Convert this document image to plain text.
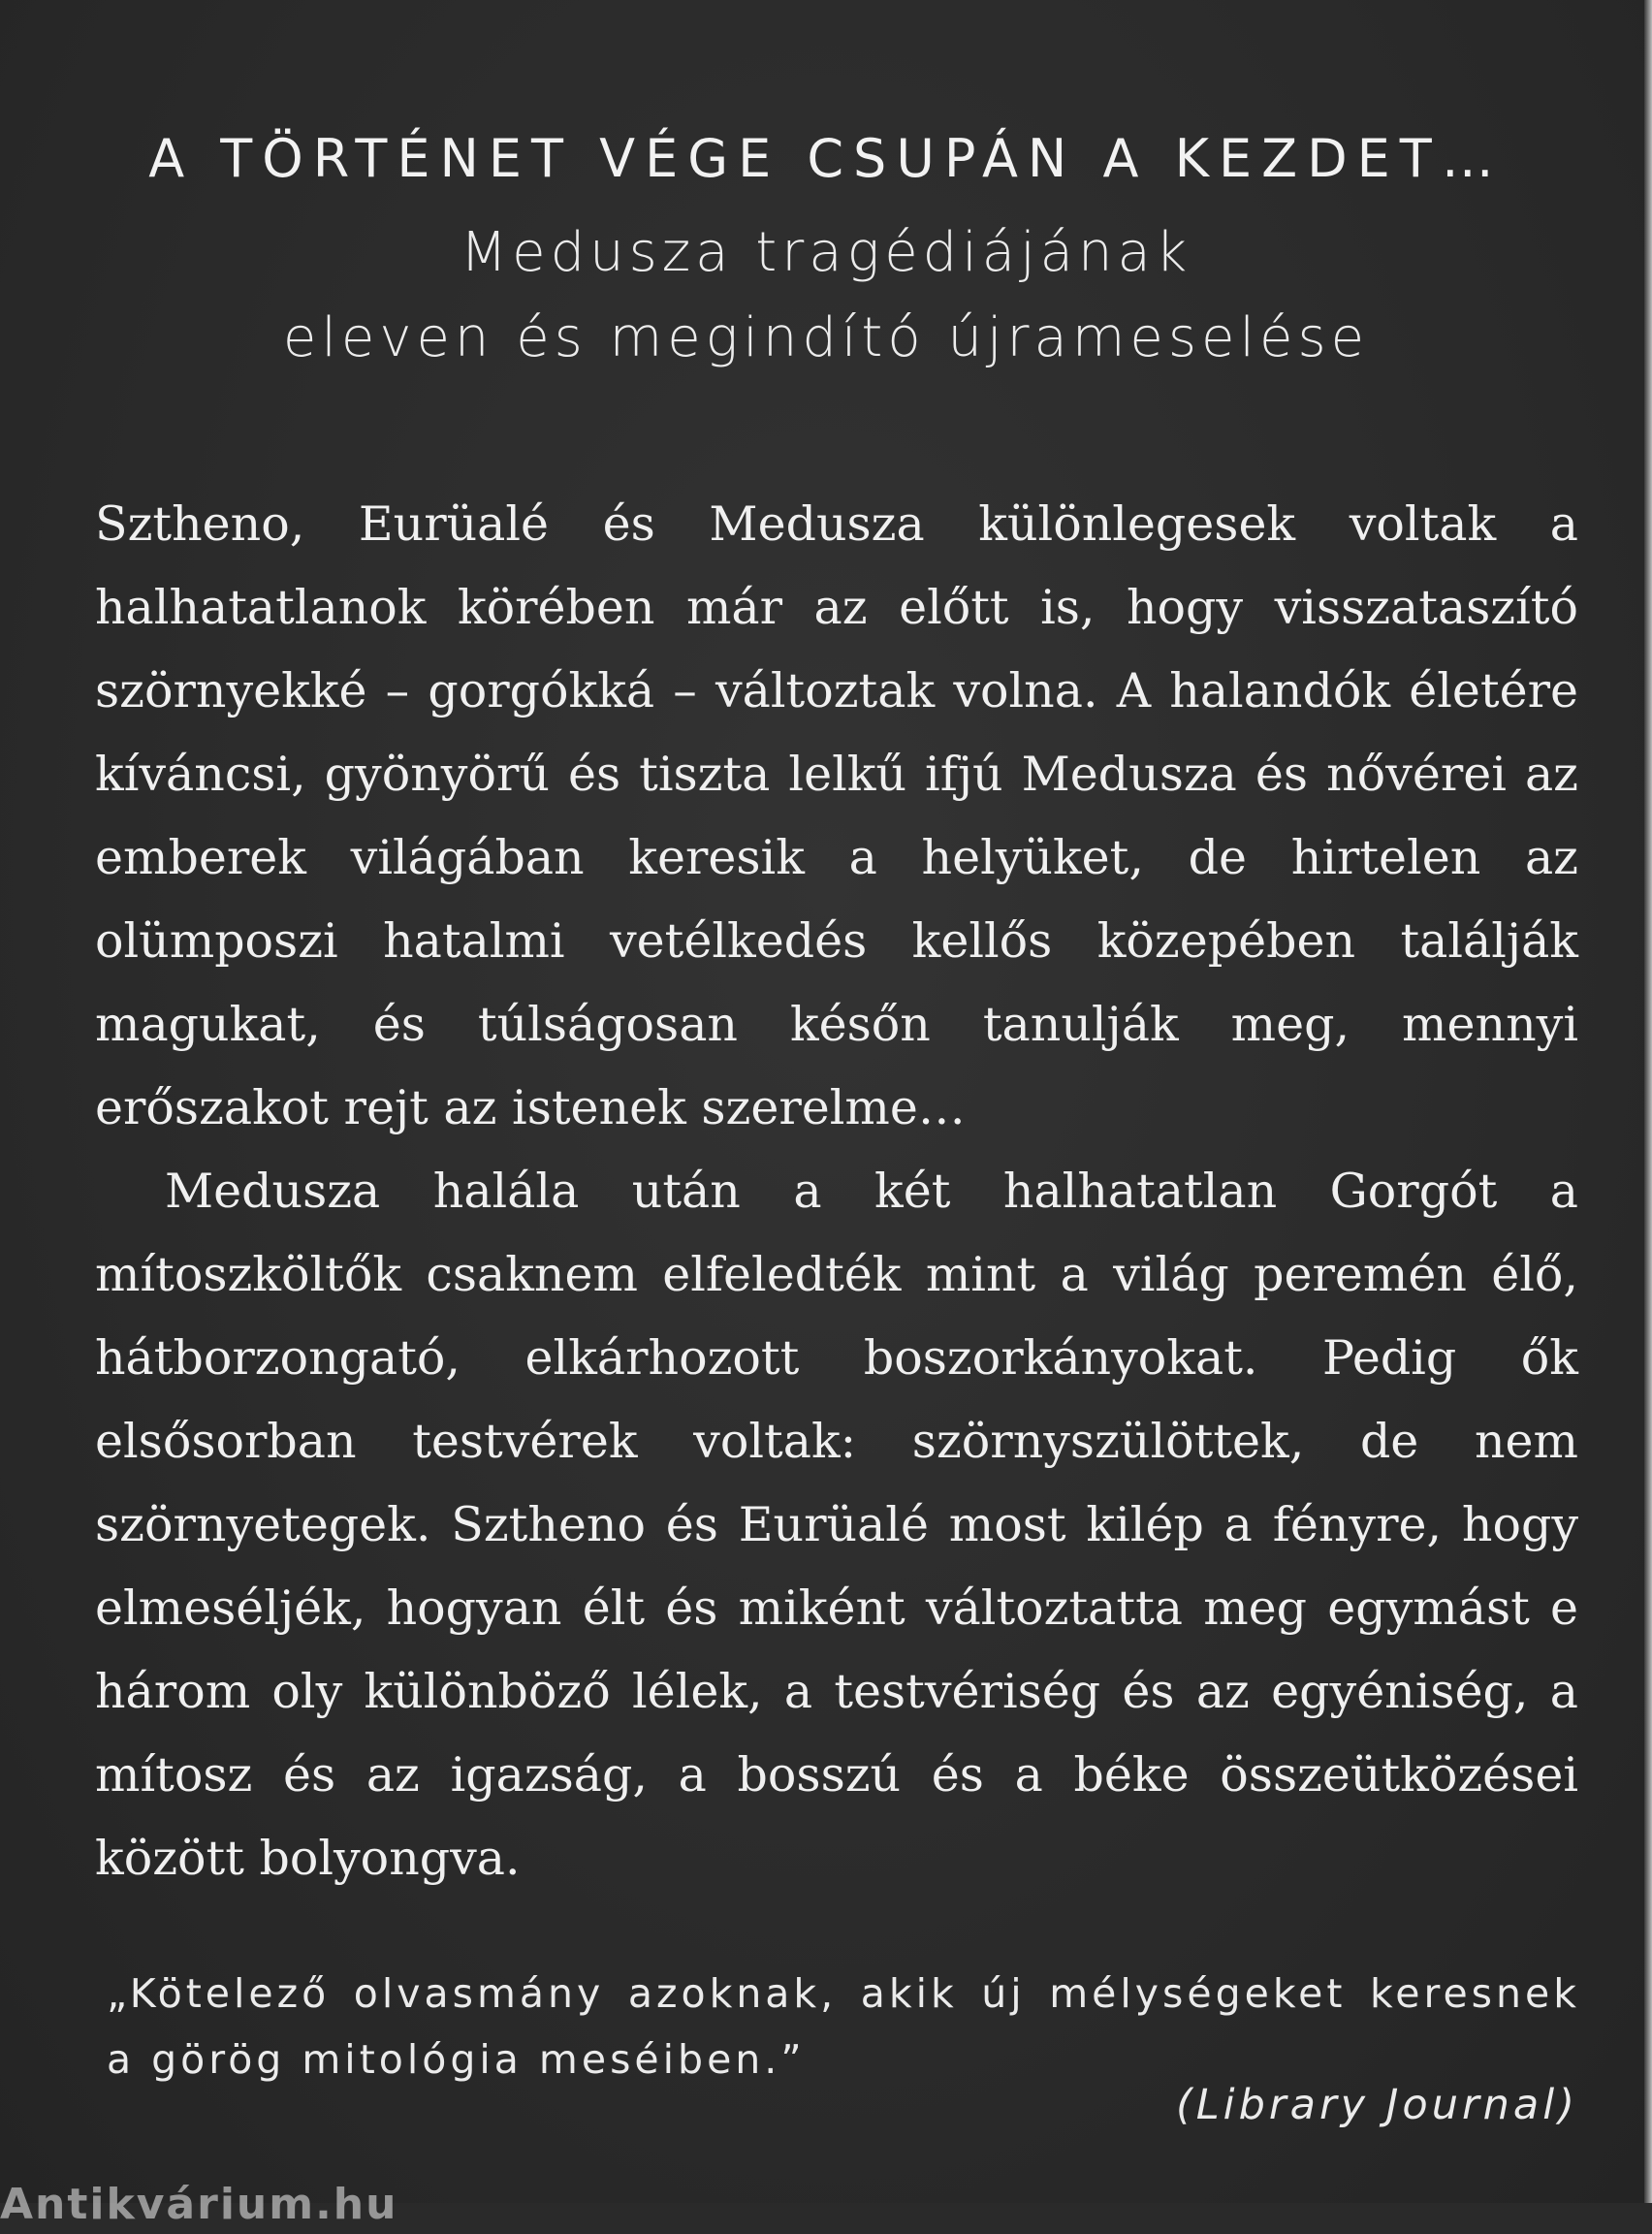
A TÖRTÉNET VÉGE CSUPÁN A KEZDET…
Medusza tragédiájának
eleven és megindító újrameselése

Sztheno, Eurüalé és Medusza különlegesek voltak a halhatatlanok körében már az előtt is, hogy visszataszító szörnyekké – gorgókká – változtak volna. A halandók életére kíváncsi, gyönyörű és tiszta lelkű ifjú Medusza és nővérei az emberek világában keresik a helyüket, de hirtelen az olümposzi hatalmi vetélkedés kellős közepében találják magukat, és túlságosan későn tanulják meg, mennyi erőszakot rejt az istenek szerelme…

Medusza halála után a két halhatatlan Gorgót a mítoszköltők csaknem elfeledték mint a világ peremén élő, hátborzongató, elkárhozott boszorkányokat. Pedig ők elsősorban testvérek voltak: szörnyszülöttek, de nem szörnyetegek. Sztheno és Eurüalé most kilép a fényre, hogy elmeséljék, hogyan élt és miként változtatta meg egymást e három oly különböző lélek, a testvériség és az egyéniség, a mítosz és az igazság, a bosszú és a béke összeütközései között bolyongva.

„Kötelező olvasmány azoknak, akik új mélységeket keresnek a görög mitológia meséiben.”
(Library Journal)
Antikvárium.hu
